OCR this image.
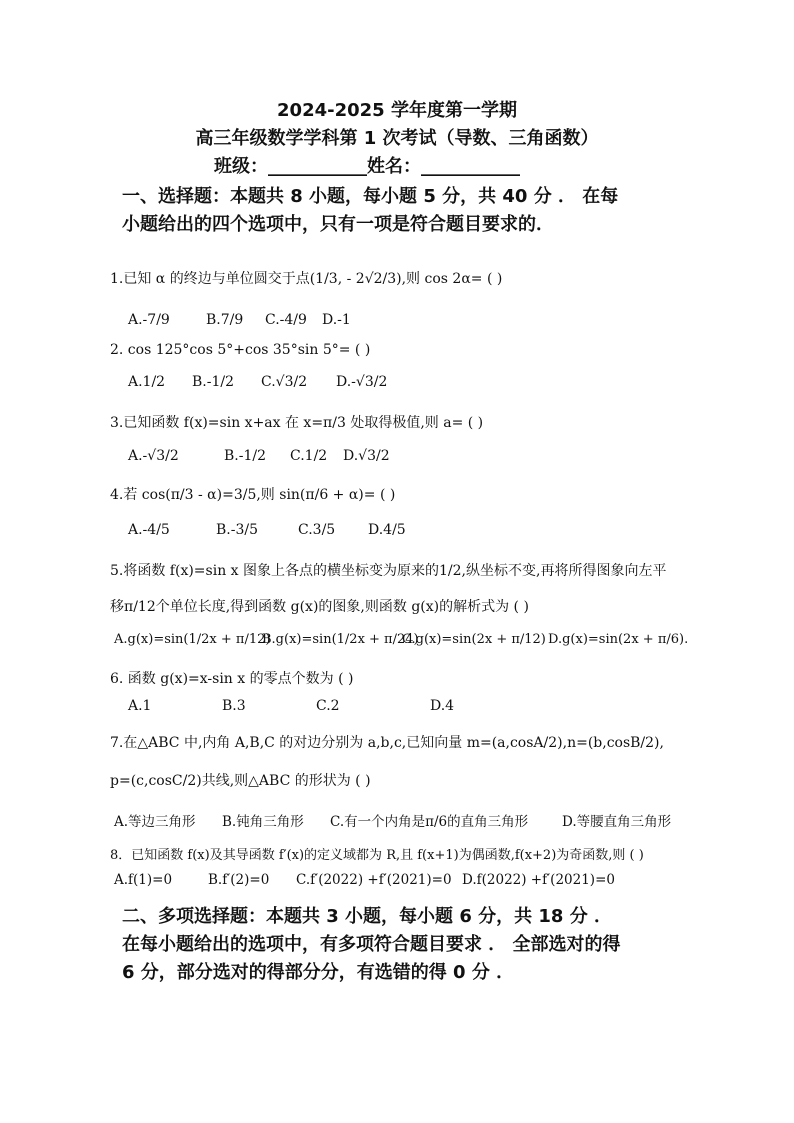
2024-2025 学年度第一学期
高三年级数学学科第 1 次考试（导数、三角函数）
班级：___________姓名：___________
一、选择题：本题共 8 小题，每小题 5 分，共 40 分 ． 在每
小题给出的四个选项中，只有一项是符合题目要求的．
1.已知 α 的终边与单位圆交于点(1/3, - 2√2/3),则 cos 2α= ( )
A.-7/9	B.7/9 C.-4/9 D.-1
2. cos 125°cos 5°+cos 35°sin 5°= ( )
A.1/2 B.-1/2 C.√3/2 D.-√3/2
3.已知函数 f(x)=sin x+ax 在 x=π/3 处取得极值,则 a= ( )
A.-√3/2	B.-1/2 C.1/2 D.√3/2
4.若 cos(π/3 - α)=3/5,则 sin(π/6 + α)= ( )
A.-4/5	B.-3/5	C.3/5 D.4/5
5.将函数 f(x)=sin x 图象上各点的横坐标变为原来的1/2,纵坐标不变,再将所得图象向左平
移π/12个单位长度,得到函数 g(x)的图象,则函数 g(x)的解析式为 ( )
A.g(x)=sin(1/2x + π/12)
B.g(x)=sin(1/2x + π/24)
C.g(x)=sin(2x + π/12) D.g(x)=sin(2x + π/6).
6. 函数 g(x)=x-sin x 的零点个数为 ( )
A.1	B.3	C.2	D.4
7.在△ABC 中,内角 A,B,C 的对边分别为 a,b,c,已知向量 m=(a,cosA/2),n=(b,cosB/2),
p=(c,cosC/2)共线,则△ABC 的形状为 ( )
A.等边三角形 B.钝角三角形 C.有一个内角是π/6的直角三角形	D.等腰直角三角形
8．已知函数 f(x)及其导函数 f′(x)的定义域都为 R,且 f(x+1)为偶函数,f(x+2)为奇函数,则 ( )
A.f(1)=0	B.f′(2)=0 C.f′(2022) +f′(2021)=0 D.f(2022) +f′(2021)=0
二、多项选择题：本题共 3 小题，每小题 6 分，共 18 分 ．
在每小题给出的选项中，有多项符合题目要求 ． 全部选对的得
6 分，部分选对的得部分分，有选错的得 0 分 ．
